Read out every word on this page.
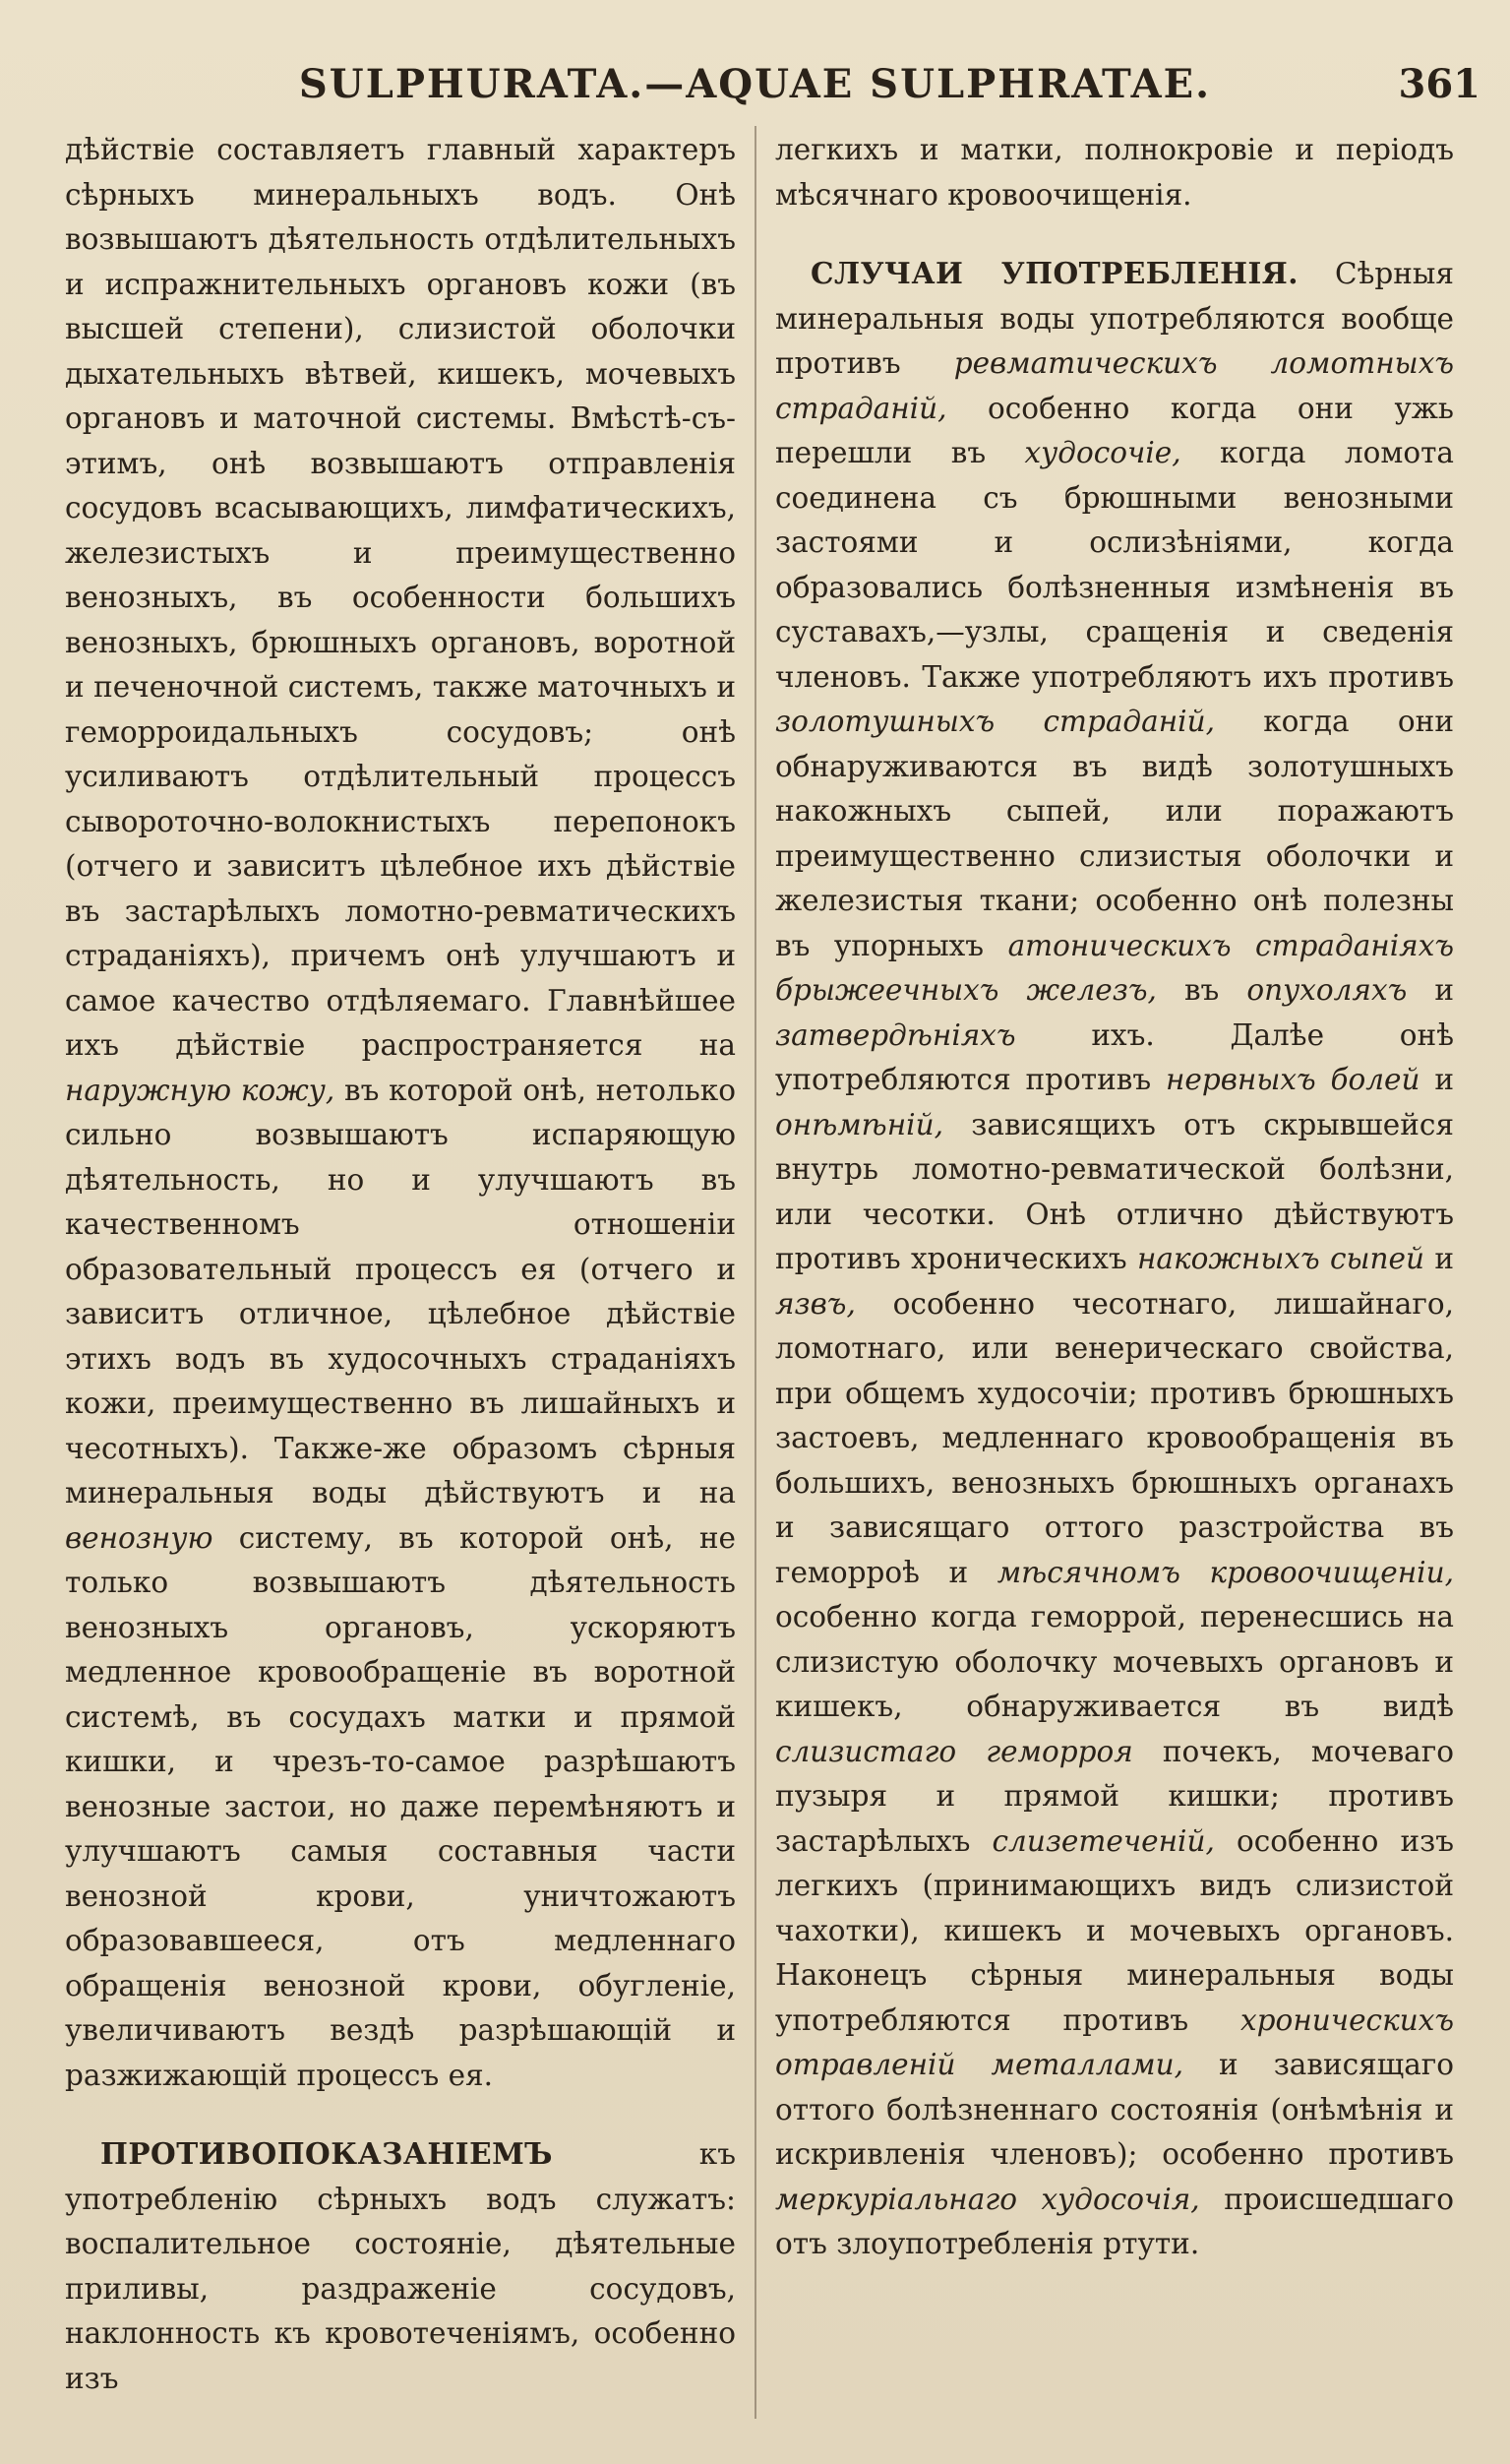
SULPHURATA.—AQUAE SULPHRATAE.	361

дѣйствіе составляетъ главный характеръ сѣрныхъ минеральныхъ водъ. Онѣ возвышаютъ дѣятельность отдѣлительныхъ и испражнительныхъ органовъ кожи (въ высшей степени), слизистой оболочки дыхательныхъ вѣтвей, кишекъ, мочевыхъ органовъ и маточной системы. Вмѣстѣ-съ-этимъ, онѣ возвышаютъ отправленія сосудовъ всасывающихъ, лимфатическихъ, железистыхъ и преимущественно венозныхъ, въ особенности большихъ венозныхъ, брюшныхъ органовъ, воротной и печеночной системъ, также маточныхъ и геморроидальныхъ сосудовъ; онѣ усиливаютъ отдѣлительный процессъ сывороточно-волокнистыхъ перепонокъ (отчего и зависитъ цѣлебное ихъ дѣйствіе въ застарѣлыхъ ломотно-ревматическихъ страданіяхъ), причемъ онѣ улучшаютъ и самое качество отдѣляемаго. Главнѣйшее ихъ дѣйствіе распространяется на наружную кожу, въ которой онѣ, нетолько сильно возвышаютъ испаряющую дѣятельность, но и улучшаютъ въ качественномъ отношеніи образовательный процессъ ея (отчего и зависитъ отличное, цѣлебное дѣйствіе этихъ водъ въ худосочныхъ страданіяхъ кожи, преимущественно въ лишайныхъ и чесотныхъ). Также-же образомъ сѣрныя минеральныя воды дѣйствуютъ и на венозную систему, въ которой онѣ, не только возвышаютъ дѣятельность венозныхъ органовъ, ускоряютъ медленное кровообращеніе въ воротной системѣ, въ сосудахъ матки и прямой кишки, и чрезъ-то-самое разрѣшаютъ венозные застои, но даже перемѣняютъ и улучшаютъ самыя составныя части венозной крови, уничтожаютъ образовавшееся, отъ медленнаго обращенія венозной крови, обугленіе, увеличиваютъ вездѣ разрѣшающій и разжижающій процессъ ея.

ПРОТИВОПОКАЗАНІЕМЪ къ употребленію сѣрныхъ водъ служатъ: воспалительное состояніе, дѣятельные приливы, раздраженіе сосудовъ, наклонность къ кровотеченіямъ, особенно изъ

легкихъ и матки, полнокровіе и періодъ мѣсячнаго кровоочищенія.

СЛУЧАИ УПОТРЕБЛЕНІЯ. Сѣрныя минеральныя воды употребляются вообще противъ ревматическихъ ломотныхъ страданій, особенно когда они ужь перешли въ худосочіе, когда ломота соединена съ брюшными венозными застоями и ослизѣніями, когда образовались болѣзненныя измѣненія въ суставахъ,—узлы, сращенія и сведенія членовъ. Также употребляютъ ихъ противъ золотушныхъ страданій, когда они обнаруживаются въ видѣ золотушныхъ накожныхъ сыпей, или поражаютъ преимущественно слизистыя оболочки и железистыя ткани; особенно онѣ полезны въ упорныхъ атоническихъ страданіяхъ брыжеечныхъ железъ, въ опухоляхъ и затвердѣніяхъ ихъ. Далѣе онѣ употребляются противъ нервныхъ болей и онѣмѣній, зависящихъ отъ скрывшейся внутрь ломотно-ревматической болѣзни, или чесотки. Онѣ отлично дѣйствуютъ противъ хроническихъ накожныхъ сыпей и язвъ, особенно чесотнаго, лишайнаго, ломотнаго, или венерическаго свойства, при общемъ худосочіи; противъ брюшныхъ застоевъ, медленнаго кровообращенія въ большихъ, венозныхъ брюшныхъ органахъ и зависящаго оттого разстройства въ геморроѣ и мѣсячномъ кровоочищеніи, особенно когда геморрой, перенесшись на слизистую оболочку мочевыхъ органовъ и кишекъ, обнаруживается въ видѣ слизистаго геморроя почекъ, мочеваго пузыря и прямой кишки; противъ застарѣлыхъ слизетеченій, особенно изъ легкихъ (принимающихъ видъ слизистой чахотки), кишекъ и мочевыхъ органовъ. Наконецъ сѣрныя минеральныя воды употребляются противъ хроническихъ отравленій металлами, и зависящаго оттого болѣзненнаго состоянія (онѣмѣнія и искривленія членовъ); особенно противъ меркуріальнаго худосочія, происшедшаго отъ злоупотребленія ртути.
